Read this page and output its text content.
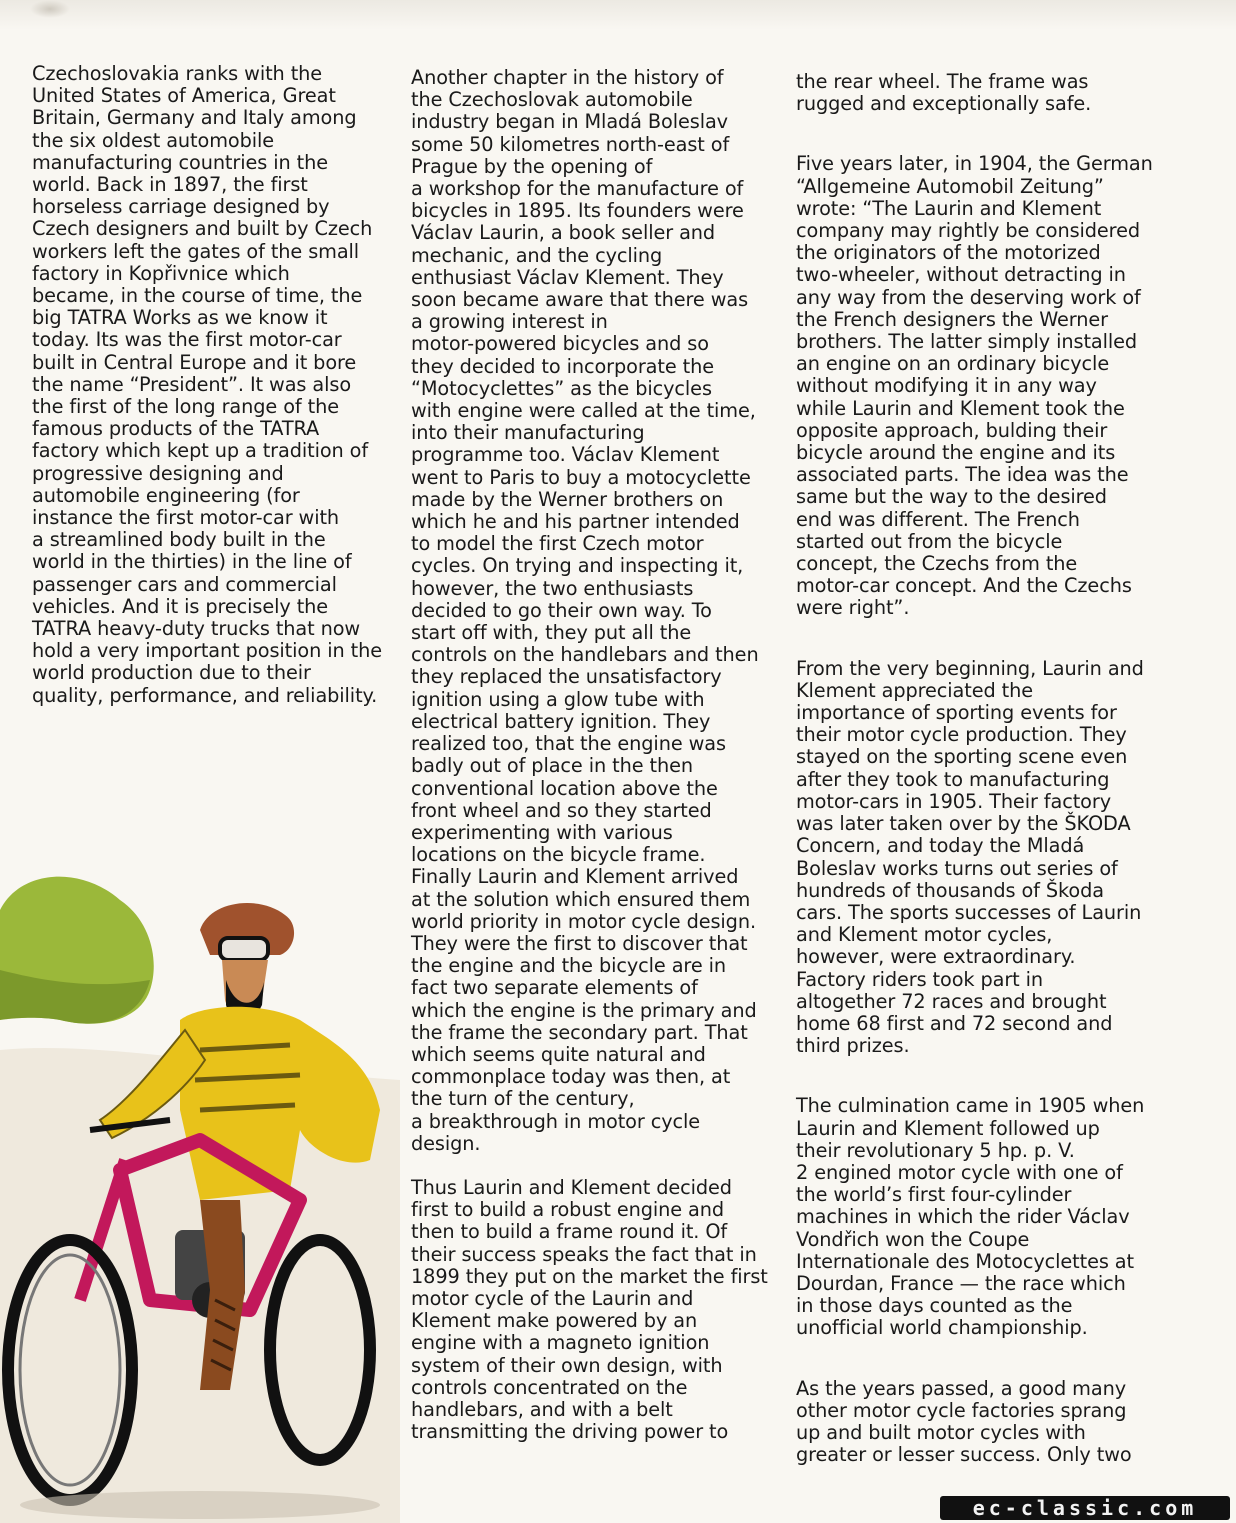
Czechoslovakia ranks with the
United States of America, Great
Britain, Germany and Italy among
the six oldest automobile
manufacturing countries in the
world. Back in 1897, the first
horseless carriage designed by
Czech designers and built by Czech
workers left the gates of the small
factory in Kopřivnice which
became, in the course of time, the
big TATRA Works as we know it
today. Its was the first motor-car
built in Central Europe and it bore
the name “President”. It was also
the first of the long range of the
famous products of the TATRA
factory which kept up a tradition of
progressive designing and
automobile engineering (for
instance the first motor-car with
a streamlined body built in the
world in the thirties) in the line of
passenger cars and commercial
vehicles. And it is precisely the
TATRA heavy-duty trucks that now
hold a very important position in the
world production due to their
quality, performance, and reliability.

Another chapter in the history of
the Czechoslovak automobile
industry began in Mladá Boleslav
some 50 kilometres north-east of
Prague by the opening of
a workshop for the manufacture of
bicycles in 1895. Its founders were
Václav Laurin, a book seller and
mechanic, and the cycling
enthusiast Václav Klement. They
soon became aware that there was
a growing interest in
motor-powered bicycles and so
they decided to incorporate the
“Motocyclettes” as the bicycles
with engine were called at the time,
into their manufacturing
programme too. Václav Klement
went to Paris to buy a motocyclette
made by the Werner brothers on
which he and his partner intended
to model the first Czech motor
cycles. On trying and inspecting it,
however, the two enthusiasts
decided to go their own way. To
start off with, they put all the
controls on the handlebars and then
they replaced the unsatisfactory
ignition using a glow tube with
electrical battery ignition. They
realized too, that the engine was
badly out of place in the then
conventional location above the
front wheel and so they started
experimenting with various
locations on the bicycle frame.
Finally Laurin and Klement arrived
at the solution which ensured them
world priority in motor cycle design.
They were the first to discover that
the engine and the bicycle are in
fact two separate elements of
which the engine is the primary and
the frame the secondary part. That
which seems quite natural and
commonplace today was then, at
the turn of the century,
a breakthrough in motor cycle
design.

Thus Laurin and Klement decided
first to build a robust engine and
then to build a frame round it. Of
their success speaks the fact that in
1899 they put on the market the first
motor cycle of the Laurin and
Klement make powered by an
engine with a magneto ignition
system of their own design, with
controls concentrated on the
handlebars, and with a belt
transmitting the driving power to

the rear wheel. The frame was
rugged and exceptionally safe.

Five years later, in 1904, the German
“Allgemeine Automobil Zeitung”
wrote: “The Laurin and Klement
company may rightly be considered
the originators of the motorized
two-wheeler, without detracting in
any way from the deserving work of
the French designers the Werner
brothers. The latter simply installed
an engine on an ordinary bicycle
without modifying it in any way
while Laurin and Klement took the
opposite approach, bulding their
bicycle around the engine and its
associated parts. The idea was the
same but the way to the desired
end was different. The French
started out from the bicycle
concept, the Czechs from the
motor-car concept. And the Czechs
were right”.

From the very beginning, Laurin and
Klement appreciated the
importance of sporting events for
their motor cycle production. They
stayed on the sporting scene even
after they took to manufacturing
motor-cars in 1905. Their factory
was later taken over by the ŠKODA
Concern, and today the Mladá
Boleslav works turns out series of
hundreds of thousands of Škoda
cars. The sports successes of Laurin
and Klement motor cycles,
however, were extraordinary.
Factory riders took part in
altogether 72 races and brought
home 68 first and 72 second and
third prizes.

The culmination came in 1905 when
Laurin and Klement followed up
their revolutionary 5 hp. p. V.
2 engined motor cycle with one of
the world’s first four-cylinder
machines in which the rider Václav
Vondřich won the Coupe
Internationale des Motocyclettes at
Dourdan, France — the race which
in those days counted as the
unofficial world championship.

As the years passed, a good many
other motor cycle factories sprang
up and built motor cycles with
greater or lesser success. Only two

ec-classic.com
